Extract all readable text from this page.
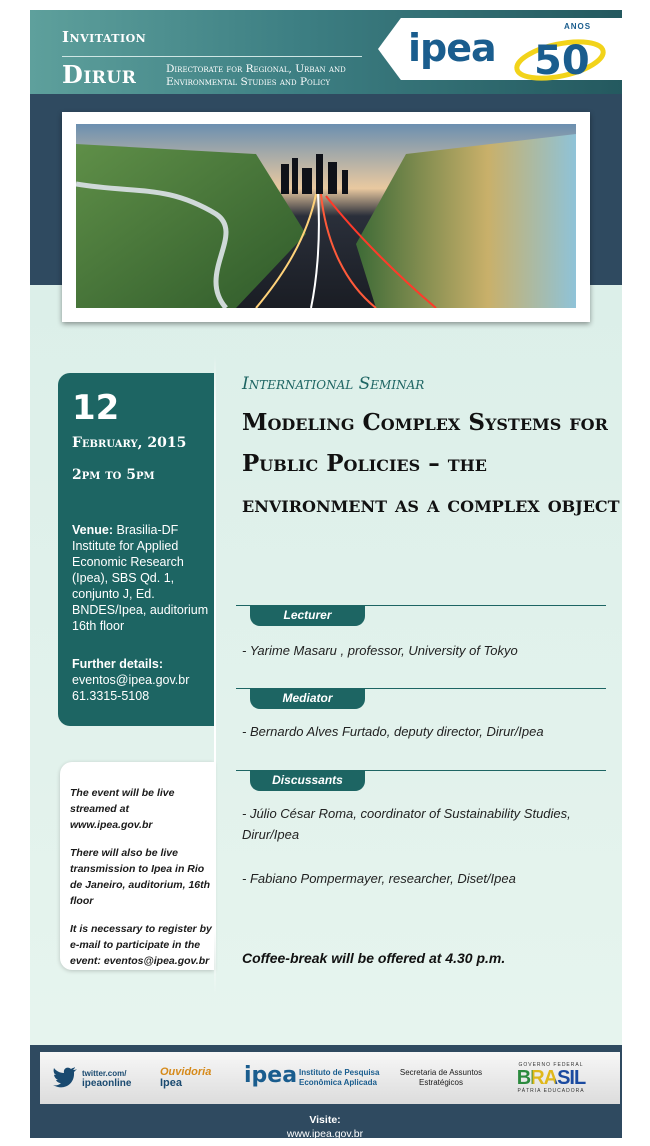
Invitation
Dirur	Directorate for Regional, Urban and Environmental Studies and Policy
ipea 50
ANOS
12
February, 2015
2pm to 5pm
Venue: Brasilia-DF Institute for Applied Economic Research (Ipea), SBS Qd. 1, conjunto J, Ed. BNDES/Ipea, auditorium 16th floor
Further details:
eventos@ipea.gov.br
61.3315-5108

The event will be live streamed at www.ipea.gov.br

There will also be live transmission to Ipea in Rio de Janeiro, auditorium, 16th floor

It is necessary to register by e-mail to participate in the event: eventos@ipea.gov.br

International Seminar
Modeling Complex Systems for Public Policies – the environment as a complex object
Lecturer
- Yarime Masaru , professor, University of Tokyo
Mediator
- Bernardo Alves Furtado, deputy director, Dirur/Ipea
Discussants
- Júlio César Roma, coordinator of Sustainability Studies, Dirur/Ipea
- Fabiano Pompermayer, researcher, Diset/Ipea
Coffee-break will be offered at 4.30 p.m.
twitter.com/
ipeaonline
Ouvidoria
Ipea	ipea Instituto de Pesquisa Econômica Aplicada
Secretaria de Assuntos Estratégicos
GOVERNO FEDERAL
BRASIL
PÁTRIA EDUCADORA
Visite:
www.ipea.gov.br
